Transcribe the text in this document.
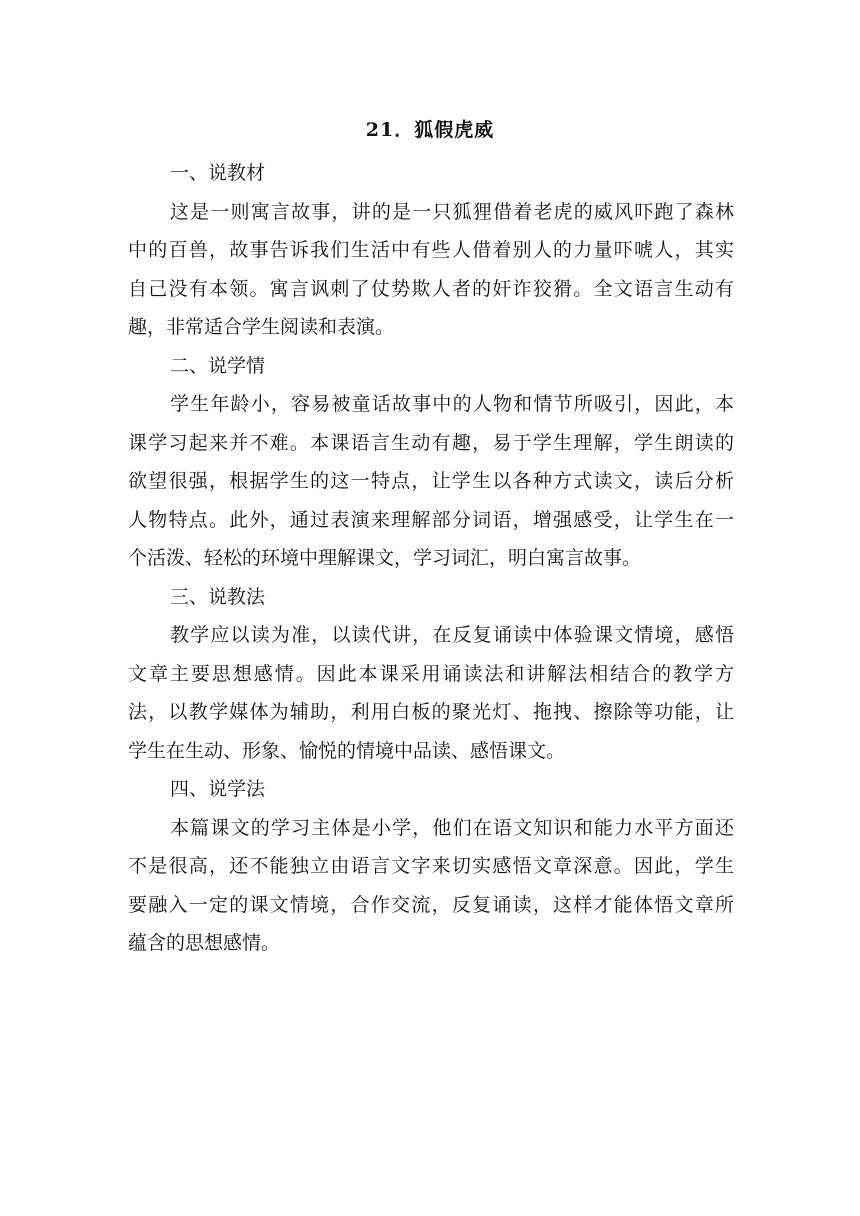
21．狐假虎威
一、说教材

这是一则寓言故事，讲的是一只狐狸借着老虎的威风吓跑了森林
中的百兽，故事告诉我们生活中有些人借着别人的力量吓唬人，其实
自己没有本领。寓言讽刺了仗势欺人者的奸诈狡猾。全文语言生动有
趣，非常适合学生阅读和表演。

二、说学情

学生年龄小，容易被童话故事中的人物和情节所吸引，因此，本
课学习起来并不难。本课语言生动有趣，易于学生理解，学生朗读的
欲望很强，根据学生的这一特点，让学生以各种方式读文，读后分析
人物特点。此外，通过表演来理解部分词语，增强感受，让学生在一
个活泼、轻松的环境中理解课文，学习词汇，明白寓言故事。

三、说教法

教学应以读为准，以读代讲，在反复诵读中体验课文情境，感悟
文章主要思想感情。因此本课采用诵读法和讲解法相结合的教学方
法，以教学媒体为辅助，利用白板的聚光灯、拖拽、擦除等功能，让
学生在生动、形象、愉悦的情境中品读、感悟课文。

四、说学法

本篇课文的学习主体是小学，他们在语文知识和能力水平方面还
不是很高，还不能独立由语言文字来切实感悟文章深意。因此，学生
要融入一定的课文情境，合作交流，反复诵读，这样才能体悟文章所
蕴含的思想感情。
